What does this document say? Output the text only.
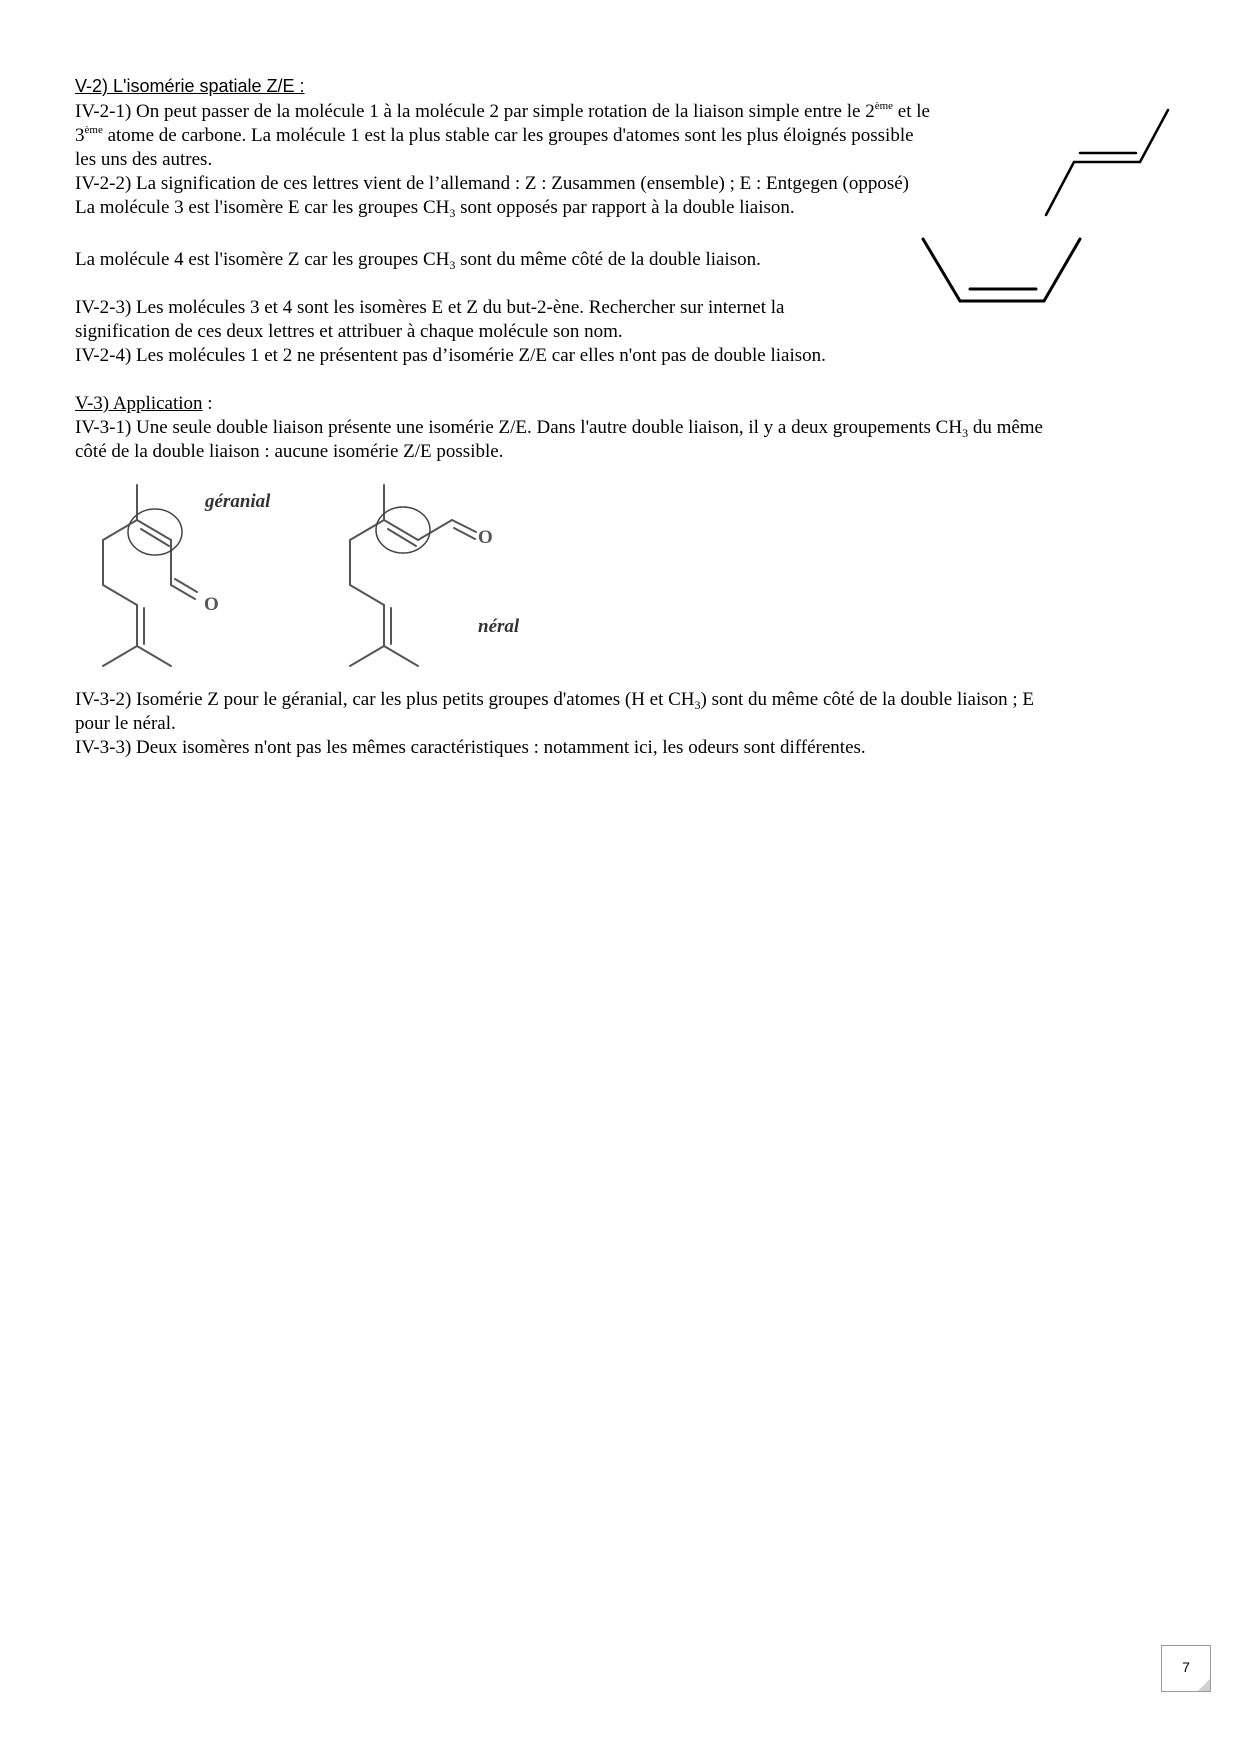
V-2) L'isomérie spatiale Z/E :
IV-2-1) On peut passer de la molécule 1 à la molécule 2 par simple rotation de la liaison simple entre le 2ème et le
3ème atome de carbone. La molécule 1 est la plus stable car les groupes d'atomes sont les plus éloignés possible
les uns des autres.
IV-2-2) La signification de ces lettres vient de l’allemand : Z : Zusammen (ensemble) ; E : Entgegen (opposé)
La molécule 3 est l'isomère E car les groupes $CH_3$ sont opposés par rapport à la double liaison.
La molécule 4 est l'isomère Z car les groupes $CH_3$ sont du même côté de la double liaison.
IV-2-3) Les molécules 3 et 4 sont les isomères E et Z du but-2-ène. Rechercher sur internet la
signification de ces deux lettres et attribuer à chaque molécule son nom.
IV-2-4) Les molécules 1 et 2 ne présentent pas d’isomérie Z/E car elles n'ont pas de double liaison.
V-3) Application :
IV-3-1) Une seule double liaison présente une isomérie Z/E. Dans l'autre double liaison, il y a deux groupements $CH_3$ du même
côté de la double liaison : aucune isomérie Z/E possible.
O
géranial
O
néral
IV-3-2) Isomérie Z pour le géranial, car les plus petits groupes d'atomes (H et $CH_3$) sont du même côté de la double liaison ; E
pour le néral.
IV-3-3) Deux isomères n'ont pas les mêmes caractéristiques : notamment ici, les odeurs sont différentes.
7
